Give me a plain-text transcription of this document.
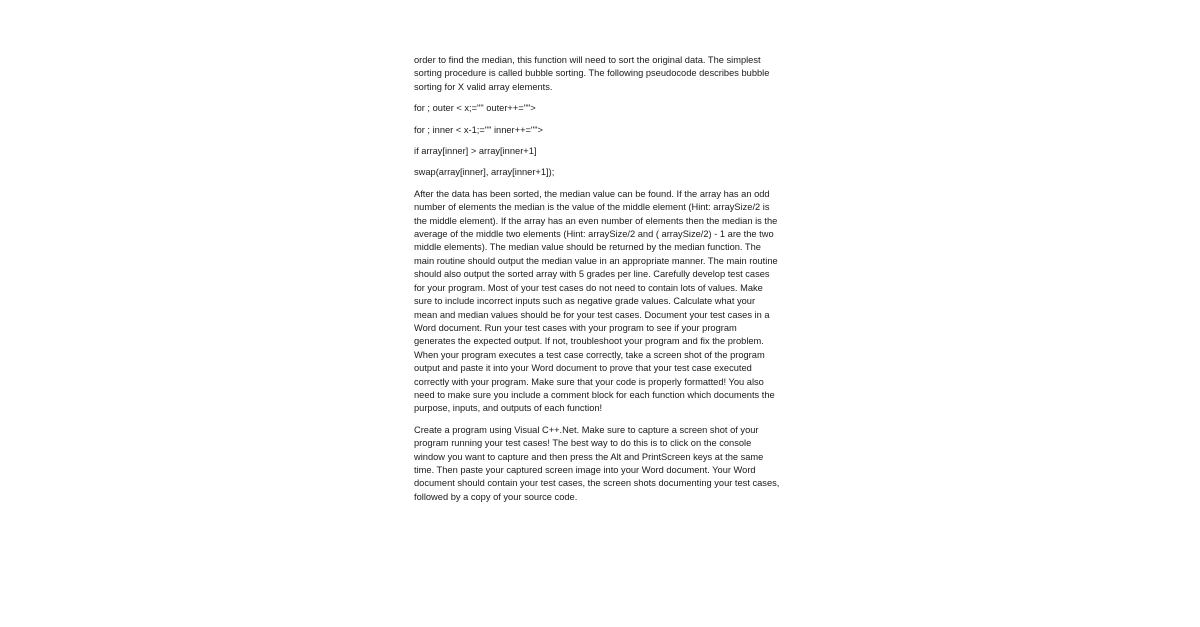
order to find the median, this function will need to sort the original data. The simplest sorting procedure is called bubble sorting. The following pseudocode describes bubble sorting for X valid array elements.

for ; outer < x;="" outer++="">

for ; inner < x-1;="" inner++="">

if array[inner] > array[inner+1]

swap(array[inner], array[inner+1]);

After the data has been sorted, the median value can be found. If the array has an odd number of elements the median is the value of the middle element (Hint: arraySize/2 is the middle element). If the array has an even number of elements then the median is the average of the middle two elements (Hint: arraySize/2 and ( arraySize/2) - 1 are the two middle elements). The median value should be returned by the median function. The main routine should output the median value in an appropriate manner. The main routine should also output the sorted array with 5 grades per line. Carefully develop test cases for your program. Most of your test cases do not need to contain lots of values. Make sure to include incorrect inputs such as negative grade values. Calculate what your mean and median values should be for your test cases. Document your test cases in a Word document. Run your test cases with your program to see if your program generates the expected output. If not, troubleshoot your program and fix the problem. When your program executes a test case correctly, take a screen shot of the program output and paste it into your Word document to prove that your test case executed correctly with your program. Make sure that your code is properly formatted! You also need to make sure you include a comment block for each function which documents the purpose, inputs, and outputs of each function!

Create a program using Visual C++.Net. Make sure to capture a screen shot of your program running your test cases! The best way to do this is to click on the console window you want to capture and then press the Alt and PrintScreen keys at the same time. Then paste your captured screen image into your Word document. Your Word document should contain your test cases, the screen shots documenting your test cases, followed by a copy of your source code.
